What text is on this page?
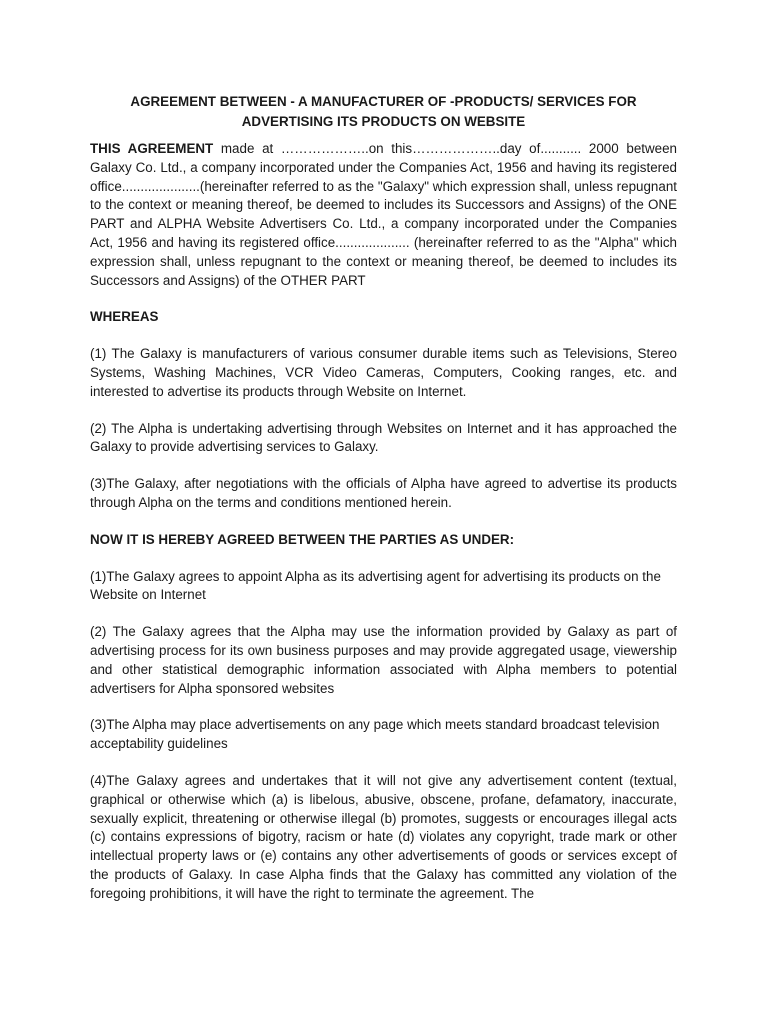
AGREEMENT BETWEEN - A MANUFACTURER OF -PRODUCTS/ SERVICES FOR
ADVERTISING ITS PRODUCTS ON WEBSITE

THIS AGREEMENT made at ………………..on this………………..day of........... 2000 between Galaxy Co. Ltd., a company incorporated under the Companies Act, 1956 and having its registered office.....................(hereinafter referred to as the "Galaxy" which expression shall, unless repugnant to the context or meaning thereof, be deemed to includes its Successors and Assigns) of the ONE PART and ALPHA Website Advertisers Co. Ltd., a company incorporated under the Companies Act, 1956 and having its registered office.................... (hereinafter referred to as the "Alpha" which expression shall, unless repugnant to the context or meaning thereof, be deemed to includes its Successors and Assigns) of the OTHER PART

WHEREAS

(1) The Galaxy is manufacturers of various consumer durable items such as Televisions, Stereo Systems, Washing Machines, VCR Video Cameras, Computers, Cooking ranges, etc. and interested to advertise its products through Website on Internet.

(2) The Alpha is undertaking advertising through Websites on Internet and it has approached the Galaxy to provide advertising services to Galaxy.

(3)The Galaxy, after negotiations with the officials of Alpha have agreed to advertise its products through Alpha on the terms and conditions mentioned herein.

NOW IT IS HEREBY AGREED BETWEEN THE PARTIES AS UNDER:

(1)The Galaxy agrees to appoint Alpha as its advertising agent for advertising its products on the Website on Internet

(2) The Galaxy agrees that the Alpha may use the information provided by Galaxy as part of advertising process for its own business purposes and may provide aggregated usage, viewership and other statistical demographic information associated with Alpha members to potential advertisers for Alpha sponsored websites

(3)The Alpha may place advertisements on any page which meets standard broadcast television acceptability guidelines

(4)The Galaxy agrees and undertakes that it will not give any advertisement content (textual, graphical or otherwise which (a) is libelous, abusive, obscene, profane, defamatory, inaccurate, sexually explicit, threatening or otherwise illegal (b) promotes, suggests or encourages illegal acts (c) contains expressions of bigotry, racism or hate (d) violates any copyright, trade mark or other intellectual property laws or (e) contains any other advertisements of goods or services except of the products of Galaxy. In case Alpha finds that the Galaxy has committed any violation of the foregoing prohibitions, it will have the right to terminate the agreement. The
